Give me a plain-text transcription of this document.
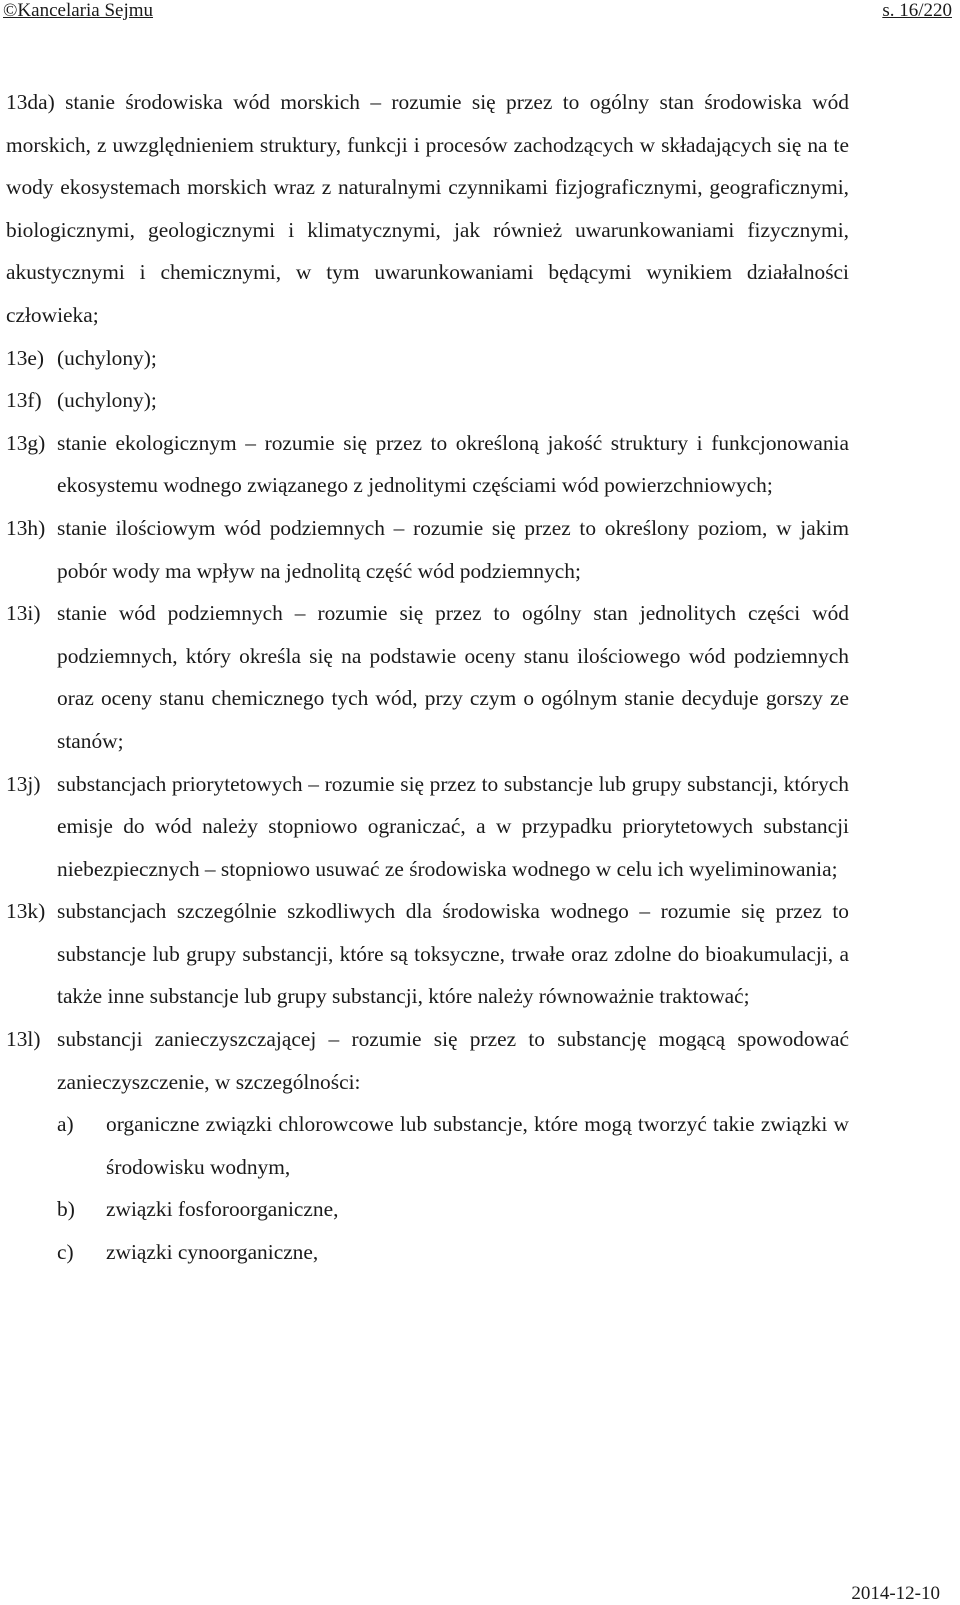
©Kancelaria Sejmu	s. 16/220
13da) stanie środowiska wód morskich – rozumie się przez to ogólny stan środowiska wód morskich, z uwzględnieniem struktury, funkcji i procesów zachodzących w składających się na te wody ekosystemach morskich wraz z naturalnymi czynnikami fizjograficznymi, geograficznymi, biologicznymi, geologicznymi i klimatycznymi, jak również uwarunkowaniami fizycznymi, akustycznymi i chemicznymi, w tym uwarunkowaniami będącymi wynikiem działalności człowieka;
13e) (uchylony);
13f) (uchylony);
13g) stanie ekologicznym – rozumie się przez to określoną jakość struktury i funkcjonowania ekosystemu wodnego związanego z jednolitymi częściami wód powierzchniowych;
13h) stanie ilościowym wód podziemnych – rozumie się przez to określony poziom, w jakim pobór wody ma wpływ na jednolitą część wód podziemnych;
13i) stanie wód podziemnych – rozumie się przez to ogólny stan jednolitych części wód podziemnych, który określa się na podstawie oceny stanu ilościowego wód podziemnych oraz oceny stanu chemicznego tych wód, przy czym o ogólnym stanie decyduje gorszy ze stanów;
13j) substancjach priorytetowych – rozumie się przez to substancje lub grupy substancji, których emisje do wód należy stopniowo ograniczać, a w przypadku priorytetowych substancji niebezpiecznych – stopniowo usuwać ze środowiska wodnego w celu ich wyeliminowania;
13k) substancjach szczególnie szkodliwych dla środowiska wodnego – rozumie się przez to substancje lub grupy substancji, które są toksyczne, trwałe oraz zdolne do bioakumulacji, a także inne substancje lub grupy substancji, które należy równoważnie traktować;
13l) substancji zanieczyszczającej – rozumie się przez to substancję mogącą spowodować zanieczyszczenie, w szczególności:
a)	organiczne związki chlorowcowe lub substancje, które mogą tworzyć takie związki w środowisku wodnym,
b)	związki fosforoorganiczne,
c)	związki cynoorganiczne,
2014-12-10
